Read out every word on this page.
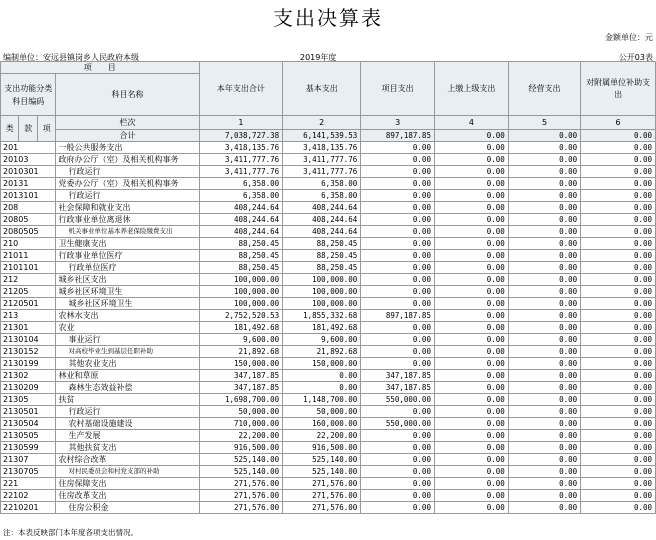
支出决算表
金额单位：元
编制单位：安远县镇岗乡人民政府本级	2019年度	公开03表
项　　目				本年支出合计	基本支出	项目支出	上缴上级支出	经营支出	对附属单位补助支出
支出功能分类科目编码			科目名称						

类	款	项	栏次	1	2	3	4	5	6
			合计	7,038,727.38	6,141,539.53	897,187.85	0.00	0.00	0.00
201			一般公共服务支出	3,418,135.76	3,418,135.76	0.00	0.00	0.00	0.00
20103			政府办公厅（室）及相关机构事务	3,411,777.76	3,411,777.76	0.00	0.00	0.00	0.00
2010301			行政运行	3,411,777.76	3,411,777.76	0.00	0.00	0.00	0.00
20131			党委办公厅（室）及相关机构事务	6,358.00	6,358.00	0.00	0.00	0.00	0.00
2013101			行政运行	6,358.00	6,358.00	0.00	0.00	0.00	0.00
208			社会保障和就业支出	408,244.64	408,244.64	0.00	0.00	0.00	0.00
20805			行政事业单位离退休	408,244.64	408,244.64	0.00	0.00	0.00	0.00
2080505			机关事业单位基本养老保险缴费支出	408,244.64	408,244.64	0.00	0.00	0.00	0.00
210			卫生健康支出	88,250.45	88,250.45	0.00	0.00	0.00	0.00
21011			行政事业单位医疗	88,250.45	88,250.45	0.00	0.00	0.00	0.00
2101101			行政单位医疗	88,250.45	88,250.45	0.00	0.00	0.00	0.00
212			城乡社区支出	100,000.00	100,000.00	0.00	0.00	0.00	0.00
21205			城乡社区环境卫生	100,000.00	100,000.00	0.00	0.00	0.00	0.00
2120501			城乡社区环境卫生	100,000.00	100,000.00	0.00	0.00	0.00	0.00
213			农林水支出	2,752,520.53	1,855,332.68	897,187.85	0.00	0.00	0.00
21301			农业	181,492.68	181,492.68	0.00	0.00	0.00	0.00
2130104			事业运行	9,600.00	9,600.00	0.00	0.00	0.00	0.00
2130152			对高校毕业生到基层任职补助	21,892.68	21,892.68	0.00	0.00	0.00	0.00
2130199			其他农业支出	150,000.00	150,000.00	0.00	0.00	0.00	0.00
21302			林业和草原	347,187.85	0.00	347,187.85	0.00	0.00	0.00
2130209			森林生态效益补偿	347,187.85	0.00	347,187.85	0.00	0.00	0.00
21305			扶贫	1,698,700.00	1,148,700.00	550,000.00	0.00	0.00	0.00
2130501			行政运行	50,000.00	50,000.00	0.00	0.00	0.00	0.00
2130504			农村基础设施建设	710,000.00	160,000.00	550,000.00	0.00	0.00	0.00
2130505			生产发展	22,200.00	22,200.00	0.00	0.00	0.00	0.00
2130599			其他扶贫支出	916,500.00	916,500.00	0.00	0.00	0.00	0.00
21307			农村综合改革	525,140.00	525,140.00	0.00	0.00	0.00	0.00
2130705			对村民委员会和村党支部的补助	525,140.00	525,140.00	0.00	0.00	0.00	0.00
221			住房保障支出	271,576.00	271,576.00	0.00	0.00	0.00	0.00
22102			住房改革支出	271,576.00	271,576.00	0.00	0.00	0.00	0.00
2210201			住房公积金	271,576.00	271,576.00	0.00	0.00	0.00	0.00
注：本表反映部门本年度各项支出情况。
